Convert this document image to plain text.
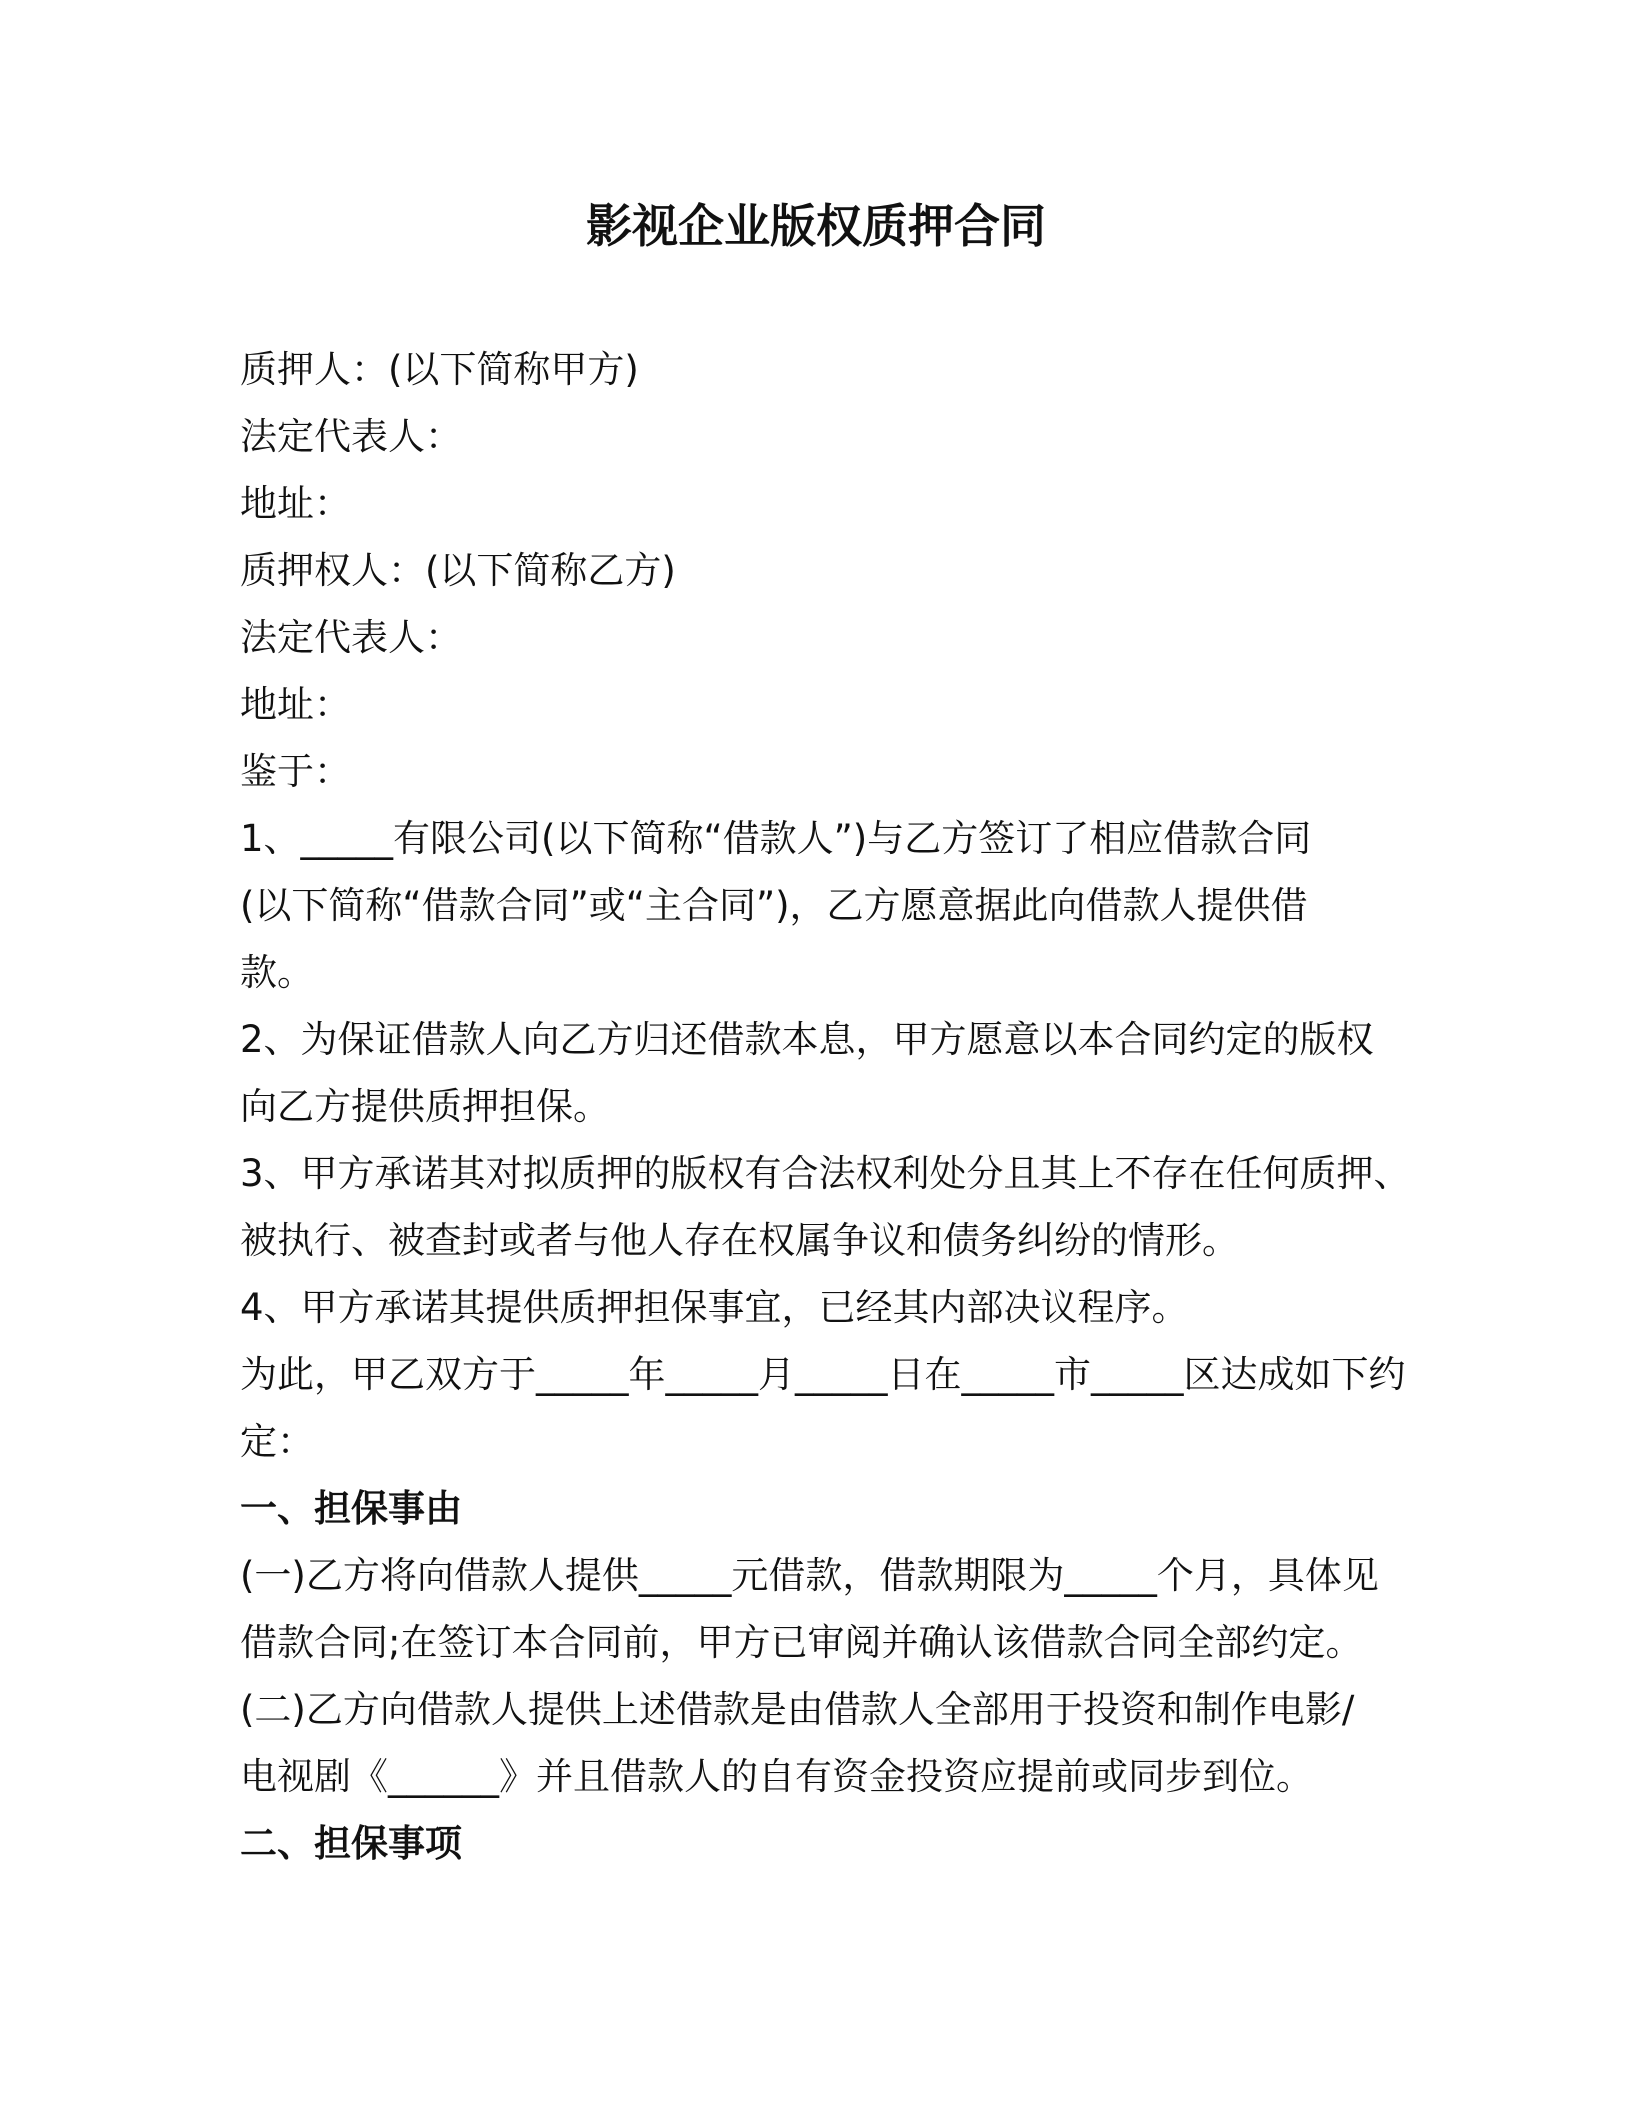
影视企业版权质押合同

质押人：(以下简称甲方)

法定代表人：

地址：

质押权人：(以下简称乙方)

法定代表人：

地址：

鉴于：

1、_____有限公司(以下简称“借款人”)与乙方签订了相应借款合同

(以下简称“借款合同”或“主合同”)，乙方愿意据此向借款人提供借

款。

2、为保证借款人向乙方归还借款本息，甲方愿意以本合同约定的版权

向乙方提供质押担保。

3、甲方承诺其对拟质押的版权有合法权利处分且其上不存在任何质押、

被执行、被查封或者与他人存在权属争议和债务纠纷的情形。

4、甲方承诺其提供质押担保事宜，已经其内部决议程序。

为此，甲乙双方于_____年_____月_____日在_____市_____区达成如下约

定：

一、担保事由

(一)乙方将向借款人提供_____元借款，借款期限为_____个月，具体见

借款合同;在签订本合同前，甲方已审阅并确认该借款合同全部约定。

(二)乙方向借款人提供上述借款是由借款人全部用于投资和制作电影/

电视剧《______》并且借款人的自有资金投资应提前或同步到位。

二、担保事项
